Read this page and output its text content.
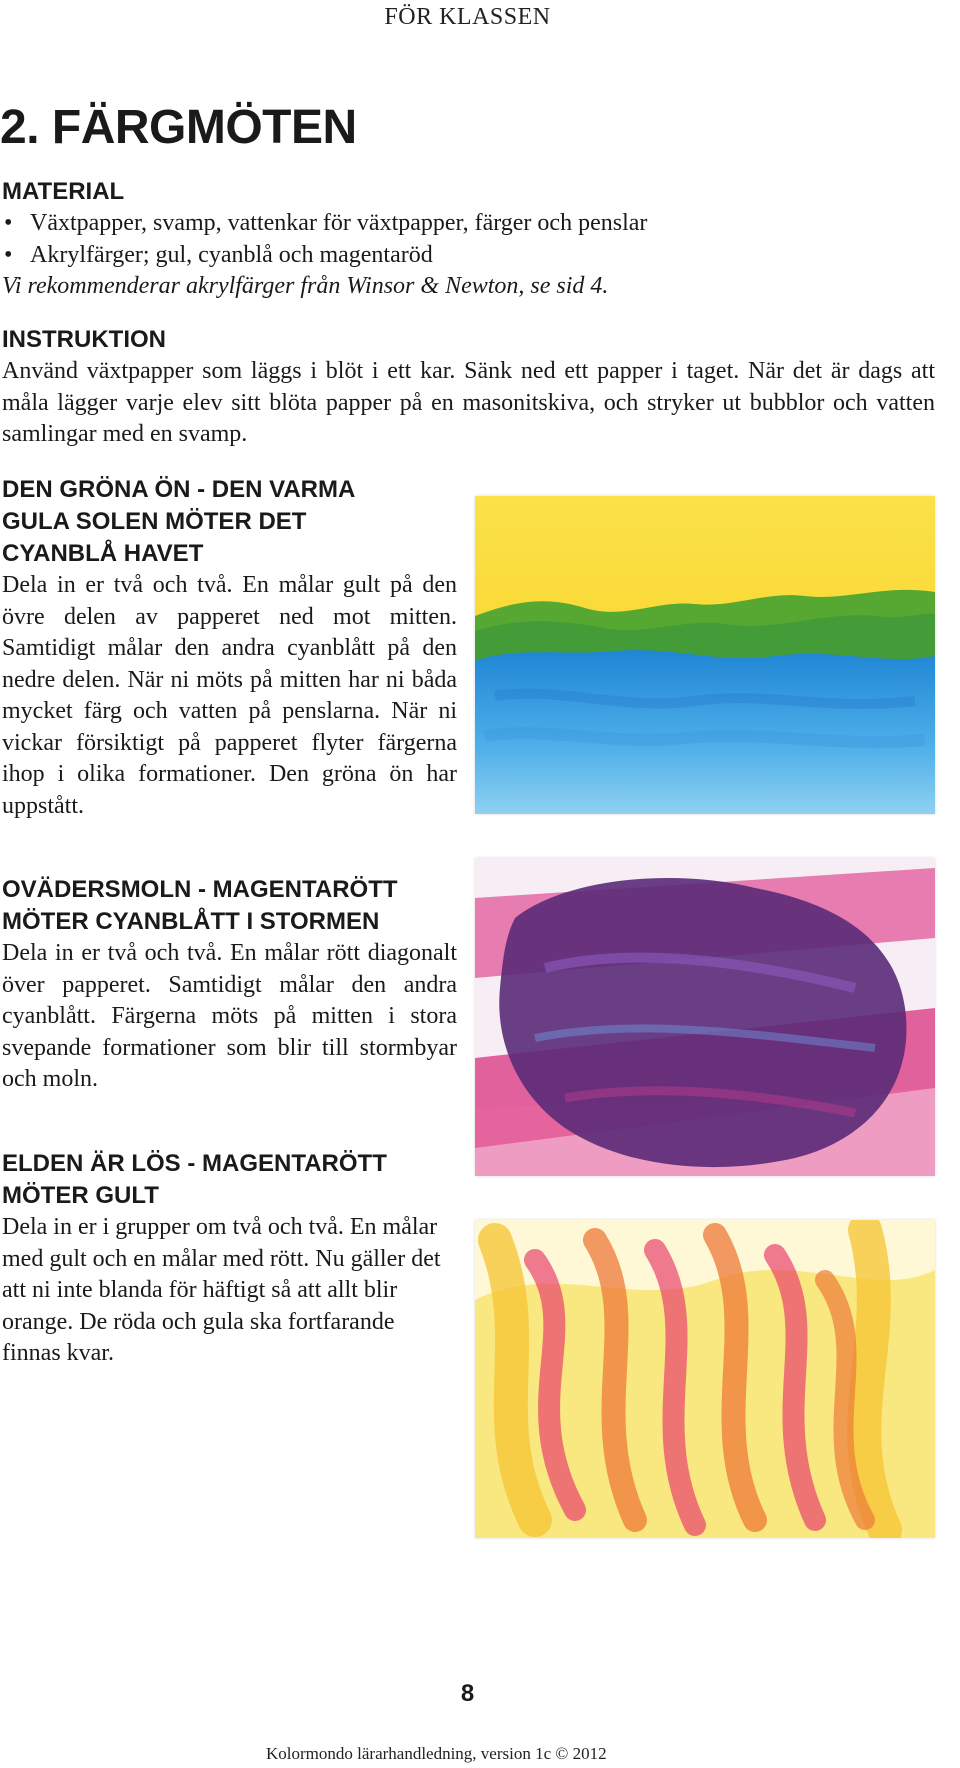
FÖR KLASSEN
2. FÄRGMÖTEN
MATERIAL
• Växtpapper, svamp, vattenkar för växtpapper, färger och penslar
• Akrylfärger; gul, cyanblå och magentaröd

Vi rekommenderar akrylfärger från Winsor & Newton, se sid 4.

INSTRUKTION

Använd växtpapper som läggs i blöt i ett kar. Sänk ned ett papper i taget. När det är dags att måla lägger varje elev sitt blöta papper på en masonitskiva, och stryker ut bubblor och vatten samlingar med en svamp.

DEN GRÖNA ÖN - DEN VARMA
GULA SOLEN MÖTER DET
CYANBLÅ HAVET

Dela in er två och två. En målar gult på den övre delen av papperet ned mot mitten. Samtidigt målar den andra cyanblått på den nedre delen. När ni möts på mitten har ni båda mycket färg och vatten på penslarna. När ni vickar försiktigt på papperet flyter färgerna ihop i olika formationer. Den gröna ön har uppstått.

OVÄDERSMOLN - MAGENTARÖTT
MÖTER CYANBLÅTT I STORMEN

Dela in er två och två. En målar rött diagonalt över papperet. Samtidigt målar den andra cyanblått. Färgerna möts på mitten i stora svepande formationer som blir till stormbyar och moln.

ELDEN ÄR LÖS - MAGENTARÖTT
MÖTER GULT

Dela in er i grupper om två och två. En målar med gult och en målar med rött. Nu gäller det att ni inte blanda för häftigt så att allt blir orange. De röda och gula ska fortfarande finnas kvar.

8
Kolormondo lärarhandledning, version 1c © 2012
